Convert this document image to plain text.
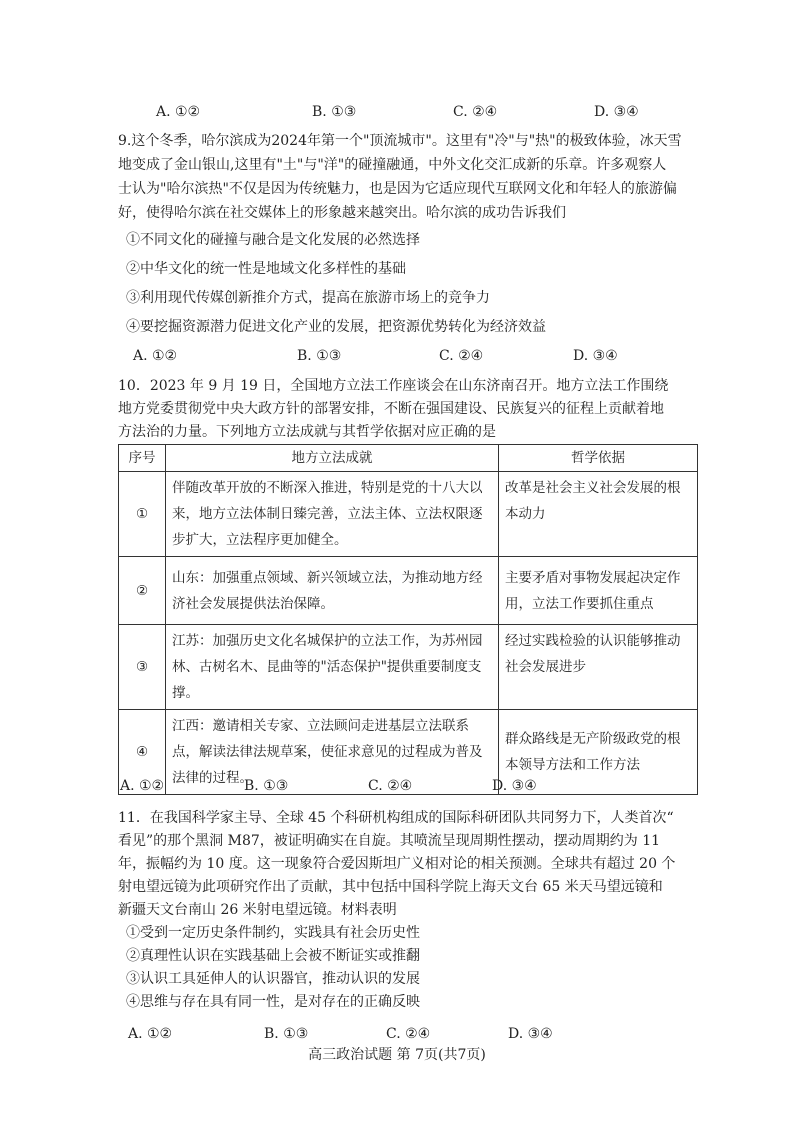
A. ①②	B. ①③	C. ②④	D. ③④
9.这个冬季，哈尔滨成为2024年第一个"顶流城市"。这里有"冷"与"热"的极致体验，冰天雪
地变成了金山银山,这里有"土"与"洋"的碰撞融通，中外文化交汇成新的乐章。许多观察人
士认为"哈尔滨热"不仅是因为传统魅力，也是因为它适应现代互联网文化和年轻人的旅游偏
好，使得哈尔滨在社交媒体上的形象越来越突出。哈尔滨的成功告诉我们
①不同文化的碰撞与融合是文化发展的必然选择
②中华文化的统一性是地域文化多样性的基础
③利用现代传媒创新推介方式，提高在旅游市场上的竞争力
④要挖掘资源潜力促进文化产业的发展，把资源优势转化为经济效益
A. ①②	B. ①③	C. ②④	D. ③④
10．2023 年 9 月 19 日，全国地方立法工作座谈会在山东济南召开。地方立法工作围绕
地方党委贯彻党中央大政方针的部署安排，不断在强国建设、民族复兴的征程上贡献着地
方法治的力量。下列地方立法成就与其哲学依据对应正确的是
序号	地方立法成就	哲学依据
①	伴随改革开放的不断深入推进，特别是党的十八大以来，地方立法体制日臻完善，立法主体、立法权限逐步扩大，立法程序更加健全。	改革是社会主义社会发展的根本动力
②	山东：加强重点领域、新兴领域立法，为推动地方经济社会发展提供法治保障。	主要矛盾对事物发展起决定作用，立法工作要抓住重点
③	江苏：加强历史文化名城保护的立法工作，为苏州园林、古树名木、昆曲等的"活态保护"提供重要制度支撑。	经过实践检验的认识能够推动社会发展进步
④	江西：邀请相关专家、立法顾问走进基层立法联系点，解读法律法规草案，使征求意见的过程成为普及法律的过程。	群众路线是无产阶级政党的根本领导方法和工作方法
A. ①②	B. ①③	C. ②④	D. ③④
11．在我国科学家主导、全球 45 个科研机构组成的国际科研团队共同努力下，人类首次“
看见”的那个黑洞 M87，被证明确实在自旋。其喷流呈现周期性摆动，摆动周期约为 11
年，振幅约为 10 度。这一现象符合爱因斯坦广义相对论的相关预测。全球共有超过 20 个
射电望远镜为此项研究作出了贡献，其中包括中国科学院上海天文台 65 米天马望远镜和
新疆天文台南山 26 米射电望远镜。材料表明
①受到一定历史条件制约，实践具有社会历史性
②真理性认识在实践基础上会被不断证实或推翻
③认识工具延伸人的认识器官，推动认识的发展
④思维与存在具有同一性，是对存在的正确反映
A. ①②	B. ①③	C. ②④	D. ③④
高三政治试题 第 7页(共7页)
